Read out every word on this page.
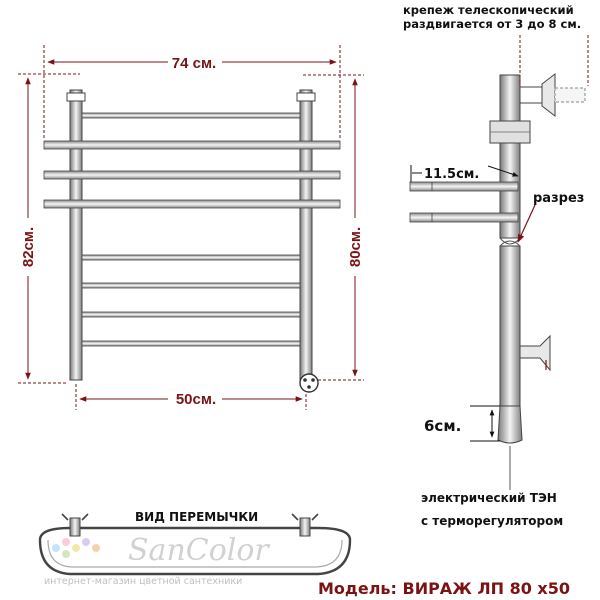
74 см.
82см.	80см.
50см.
крепеж телескопический
раздвигается от 3 до 8 см.
11.5см.
разрез
6см.
электрический ТЭН
с терморегулятором
ВИД ПЕРЕМЫЧКИ
SanColor
интернет-магазин цветной сантехники	Модель: ВИРАЖ ЛП 80 х50
